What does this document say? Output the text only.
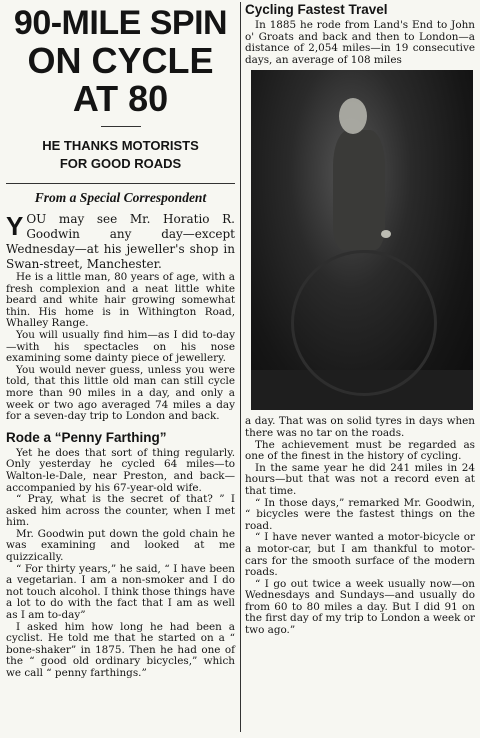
90-MILE SPIN
ON CYCLE
AT 80
HE THANKS MOTORISTS
FOR GOOD ROADS
From a Special Correspondent

YOU may see Mr. Horatio R. Goodwin any day—except Wednesday—at his jeweller's shop in Swan-street, Manchester.

He is a little man, 80 years of age, with a fresh complexion and a neat little white beard and white hair growing somewhat thin. His home is in Withington Road, Whalley Range.

You will usually find him—as I did to-day—with his spectacles on his nose examining some dainty piece of jewellery.

You would never guess, unless you were told, that this little old man can still cycle more than 90 miles in a day, and only a week or two ago averaged 74 miles a day for a seven-day trip to London and back.

Rode a “Penny Farthing”

Yet he does that sort of thing regularly. Only yesterday he cycled 64 miles—to Walton-le-Dale, near Preston, and back—accompanied by his 67-year-old wife.

“ Pray, what is the secret of that? ” I asked him across the counter, when I met him.

Mr. Goodwin put down the gold chain he was examining and looked at me quizzically.

“ For thirty years,” he said, “ I have been a vegetarian. I am a non-smoker and I do not touch alcohol. I think those things have a lot to do with the fact that I am as well as I am to-day”

I asked him how long he had been a cyclist. He told me that he started on a “ bone-shaker” in 1875. Then he had one of the “ good old ordinary bicycles,” which we call “ penny farthings.”

Cycling Fastest Travel

In 1885 he rode from Land's End to John o' Groats and back and then to London—a distance of 2,054 miles—in 19 consecutive days, an average of 108 miles

a day. That was on solid tyres in days when there was no tar on the roads.

The achievement must be regarded as one of the finest in the history of cycling.

In the same year he did 241 miles in 24 hours—but that was not a record even at that time.

“ In those days,” remarked Mr. Goodwin, “ bicycles were the fastest things on the road.

“ I have never wanted a motor-bicycle or a motor-car, but I am thankful to motor-cars for the smooth surface of the modern roads.

“ I go out twice a week usually now—on Wednesdays and Sundays—and usually do from 60 to 80 miles a day. But I did 91 on the first day of my trip to London a week or two ago.”
